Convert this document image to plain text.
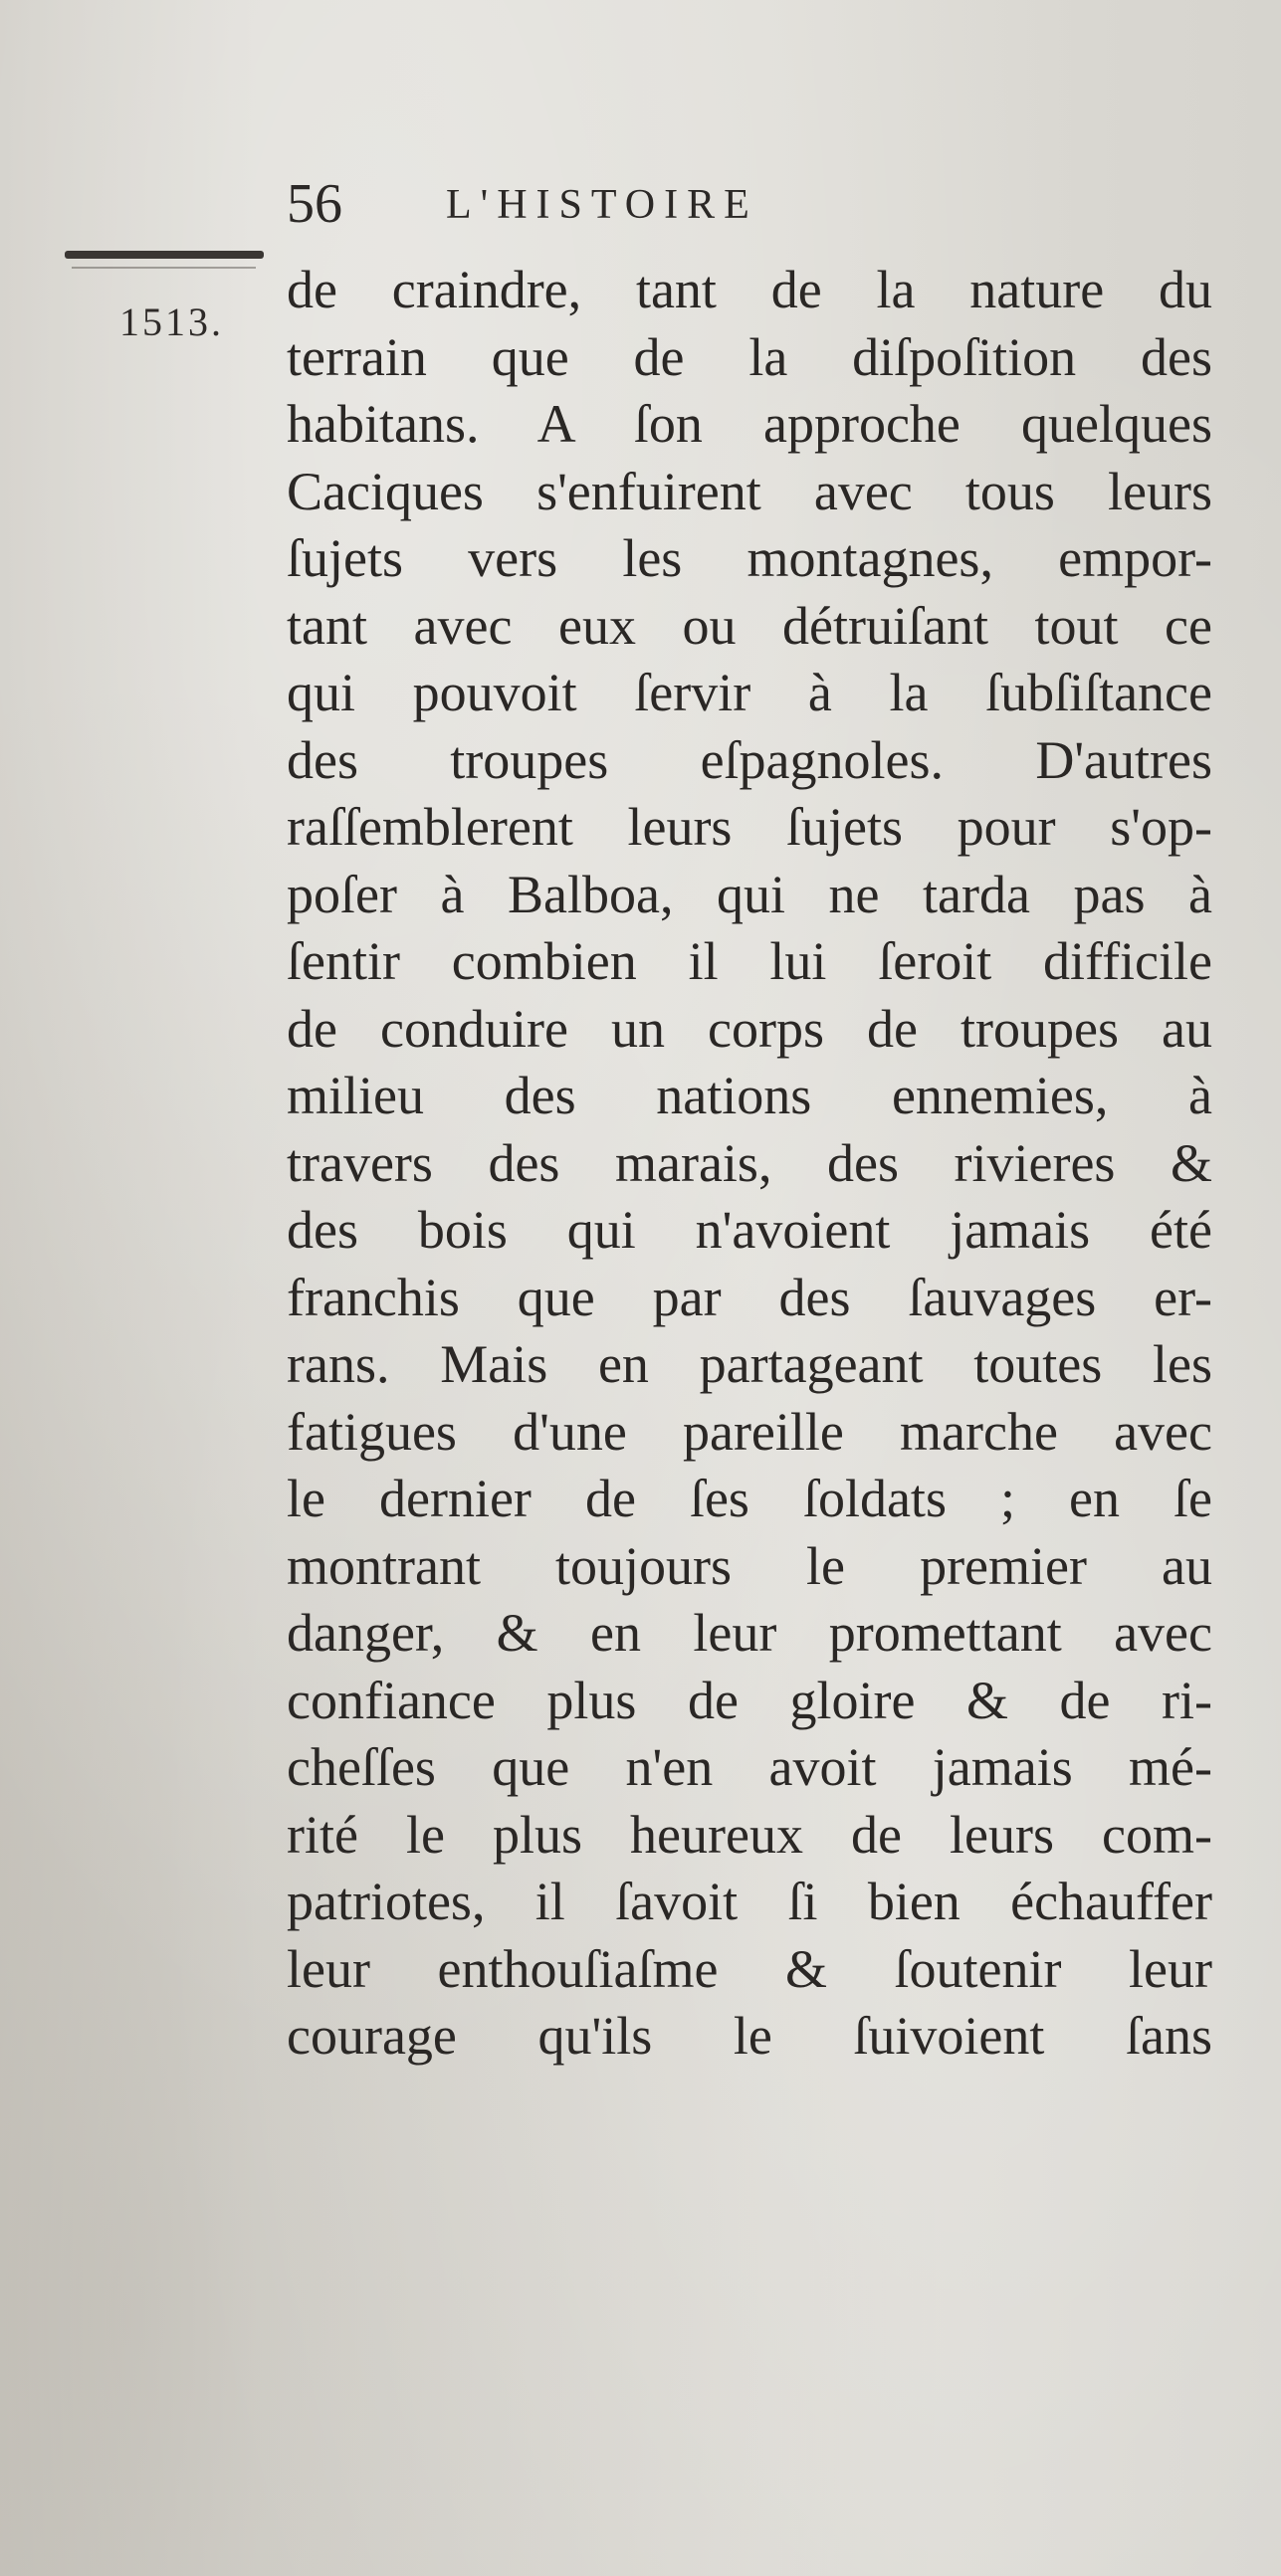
56 L'HISTOIRE
1513.
de craindre, tant de la nature du
terrain que de la diſpoſition des
habitans. A ſon approche quelques
Caciques s'enfuirent avec tous leurs
ſujets vers les montagnes, empor-
tant avec eux ou détruiſant tout ce
qui pouvoit ſervir à la ſubſiſtance
des troupes eſpagnoles. D'autres
raſſemblerent leurs ſujets pour s'op-
poſer à Balboa, qui ne tarda pas à
ſentir combien il lui ſeroit difficile
de conduire un corps de troupes au
milieu des nations ennemies, à
travers des marais, des rivieres &
des bois qui n'avoient jamais été
franchis que par des ſauvages er-
rans. Mais en partageant toutes les
fatigues d'une pareille marche avec
le dernier de ſes ſoldats ; en ſe
montrant toujours le premier au
danger, & en leur promettant avec
confiance plus de gloire & de ri-
cheſſes que n'en avoit jamais mé-
rité le plus heureux de leurs com-
patriotes, il ſavoit ſi bien échauffer
leur enthouſiaſme & ſoutenir leur
courage qu'ils le ſuivoient ſans
